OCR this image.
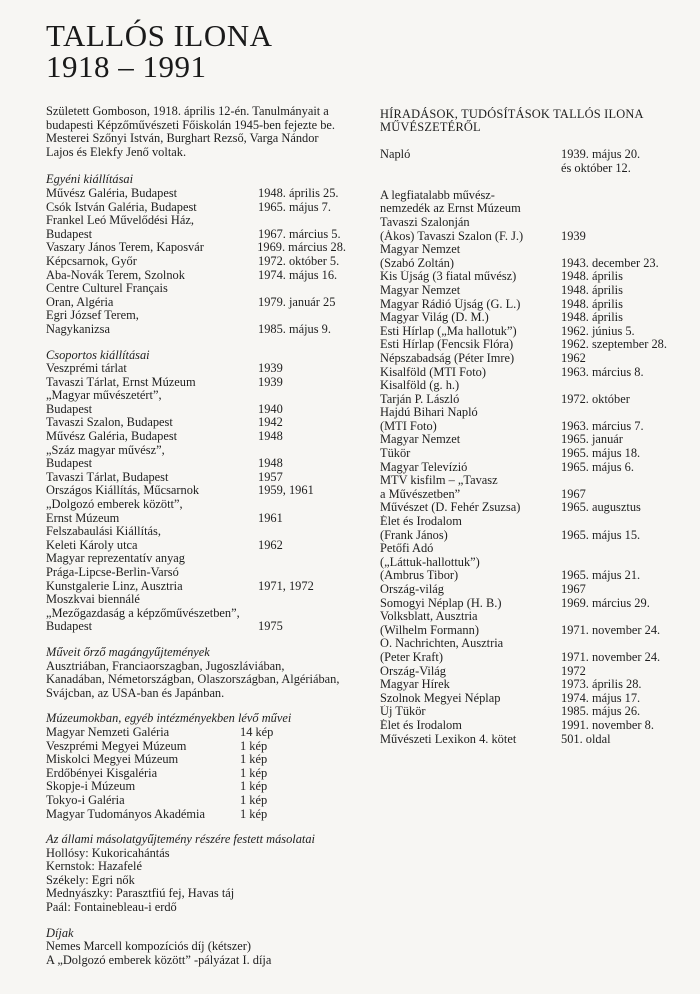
TALLÓS ILONA
1918 – 1991

Született Gomboson, 1918. április 12-én. Tanulmányait a budapesti Képzőművészeti Főiskolán 1945-ben fejezte be. Mesterei Szőnyi István, Burghart Rezső, Varga Nándor Lajos és Elekfy Jenő voltak.

Egyéni kiállításai
Művész Galéria, Budapest	1948. április 25.
Csók István Galéria, Budapest	1965. május 7.
Frankel Leó Művelődési Ház,
Budapest	1967. március 5.
Vaszary János Terem, Kaposvár	1969. március 28.
Képcsarnok, Győr	1972. október 5.
Aba-Novák Terem, Szolnok	1974. május 16.
Centre Culturel Français
Oran, Algéria	1979. január 25
Egri József Terem,
Nagykanizsa	1985. május 9.
Csoportos kiállításai
Veszprémi tárlat	1939
Tavaszi Tárlat, Ernst Múzeum	1939
„Magyar művészetért”,
Budapest	1940
Tavaszi Szalon, Budapest	1942
Művész Galéria, Budapest	1948
„Száz magyar művész”,
Budapest	1948
Tavaszi Tárlat, Budapest	1957
Országos Kiállítás, Műcsarnok	1959, 1961
„Dolgozó emberek között”,
Ernst Múzeum	1961
Felszabaulási Kiállítás,
Keleti Károly utca	1962
Magyar reprezentatív anyag
Prága-Lipcse-Berlin-Varsó
Kunstgalerie Linz, Ausztria	1971, 1972
Moszkvai biennálé
„Mezőgazdaság a képzőművészetben”,
Budapest	1975
Műveit őrző magángyűjtemények
Ausztriában, Franciaorszagban, Jugoszláviában, Kanadában, Németországban, Olaszországban, Algériában, Svájcban, az USA-ban és Japánban.
Múzeumokban, egyéb intézményekben lévő művei
Magyar Nemzeti Galéria	14 kép
Veszprémi Megyei Múzeum	1 kép
Miskolci Megyei Múzeum	1 kép
Erdőbényei Kisgaléria	1 kép
Skopje-i Múzeum	1 kép
Tokyo-i Galéria	1 kép
Magyar Tudományos Akadémia	1 kép
Az állami másolatgyűjtemény részére festett másolatai
Hollósy: Kukoricahántás
Kernstok: Hazafelé
Székely: Egri nők
Mednyászky: Parasztfiú fej, Havas táj
Paál: Fontainebleau-i erdő
Díjak
Nemes Marcell kompozíciós díj (kétszer)
A „Dolgozó emberek között” -pályázat I. díja
HÍRADÁSOK, TUDÓSÍTÁSOK TALLÓS ILONA
MŰVÉSZETÉRŐL
Napló	1939. május 20.
és október 12.
A legfiatalabb művész-
nemzedék az Ernst Múzeum
Tavaszi Szalonján
(Ákos) Tavaszi Szalon (F. J.)	1939
Magyar Nemzet
(Szabó Zoltán)	1943. december 23.
Kis Újság (3 fiatal művész)	1948. április
Magyar Nemzet	1948. április
Magyar Rádió Újság (G. L.)	1948. április
Magyar Világ (D. M.)	1948. április
Esti Hírlap („Ma hallotuk”)	1962. június 5.
Esti Hírlap (Fencsik Flóra)	1962. szeptember 28.
Népszabadság (Péter Imre)	1962
Kisalföld (MTI Foto)	1963. március 8.
Kisalföld (g. h.)
Tarján P. László	1972. október
Hajdú Bihari Napló
(MTI Foto)	1963. március 7.
Magyar Nemzet	1965. január
Tükör	1965. május 18.
Magyar Televízió	1965. május 6.
MTV kisfilm – „Tavasz
a Művészetben”	1967
Művészet (D. Fehér Zsuzsa)	1965. augusztus
Élet és Irodalom
(Frank János)	1965. május 15.
Petőfi Adó
(„Láttuk-hallottuk”)
(Ambrus Tibor)	1965. május 21.
Ország-világ	1967
Somogyi Néplap (H. B.)	1969. március 29.
Volksblatt, Ausztria
(Wilhelm Formann)	1971. november 24.
O. Nachrichten, Ausztria
(Peter Kraft)	1971. november 24.
Ország-Világ	1972
Magyar Hírek	1973. április 28.
Szolnok Megyei Néplap	1974. május 17.
Új Tükör	1985. május 26.
Élet és Irodalom	1991. november 8.
Művészeti Lexikon 4. kötet	501. oldal
